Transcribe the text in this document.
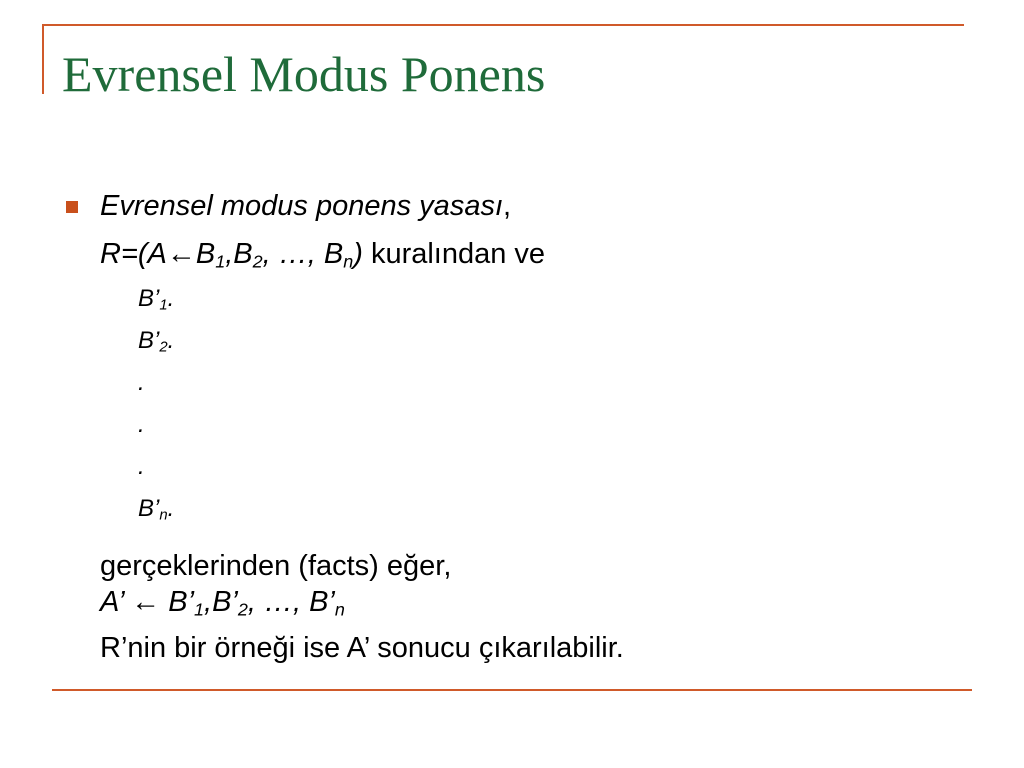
Evrensel Modus Ponens
Evrensel modus ponens yasası,
$R=(A\leftarrow B_1,B_2$, …, $B_n$) kuralından ve
$B’_1$.
$B’_2$.
.
.
.
$B’_n$.
gerçeklerinden (facts) eğer,
A’ ← $B’_1,B’_2$, …, $B’_n$
R’nin bir örneği ise A’ sonucu çıkarılabilir.
